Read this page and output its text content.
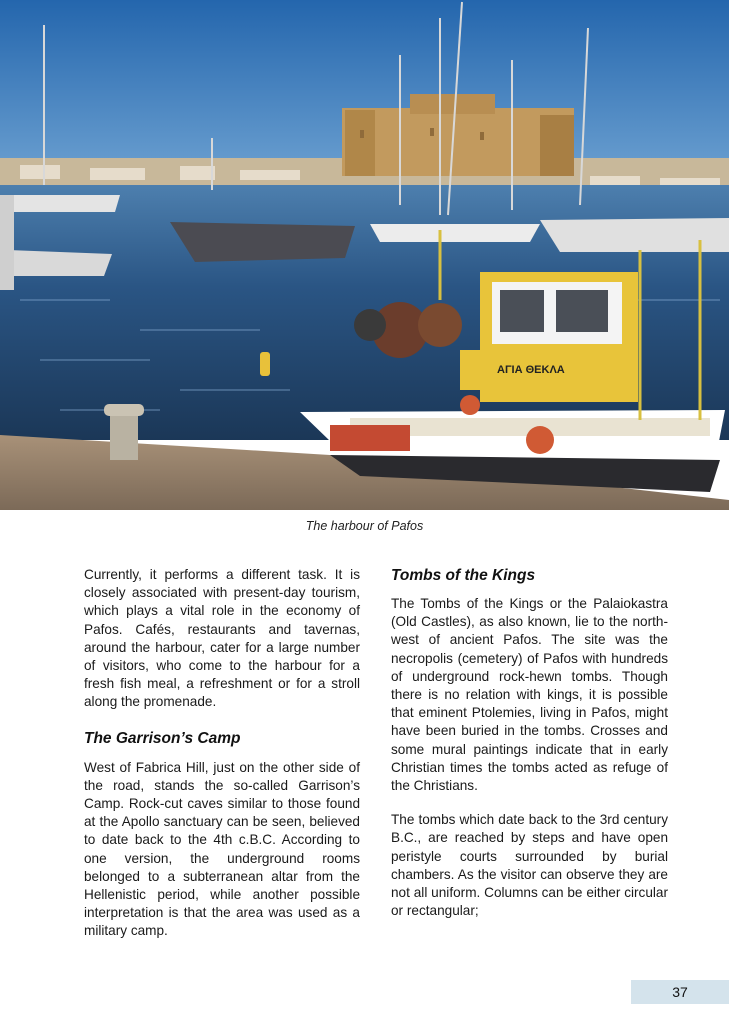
ΑΓΙΑ ΘΕΚΛΑ
The harbour of Pafos

Currently, it performs a different task. It is closely associated with present-day tourism, which plays a vital role in the economy of Pafos. Cafés, restaurants and tavernas, around the harbour, cater for a large number of visitors, who come to the harbour for a fresh fish meal, a refreshment or for a stroll along the promenade.

The Garrison’s Camp

West of Fabrica Hill, just on the other side of the road, stands the so-called Garrison’s Camp. Rock-cut caves similar to those found at the Apollo sanctuary can be seen, believed to date back to the 4th c.B.C. According to one version, the underground rooms belonged to a subterranean altar from the Hellenistic period, while another possible interpretation is that the area was used as a military camp.

Tombs of the Kings

The Tombs of the Kings or the Palaiokastra (Old Castles), as also known, lie to the north-west of ancient Pafos. The site was the necropolis (cemetery) of Pafos with hundreds of underground rock-hewn tombs. Though there is no relation with kings, it is possible that eminent Ptolemies, living in Pafos, might have been buried in the tombs. Crosses and some mural paintings indicate that in early Christian times the tombs acted as refuge of the Christians.

The tombs which date back to the 3rd century B.C., are reached by steps and have open peristyle courts surrounded by burial chambers. As the visitor can observe they are not all uniform. Columns can be either circular or rectangular;

37
